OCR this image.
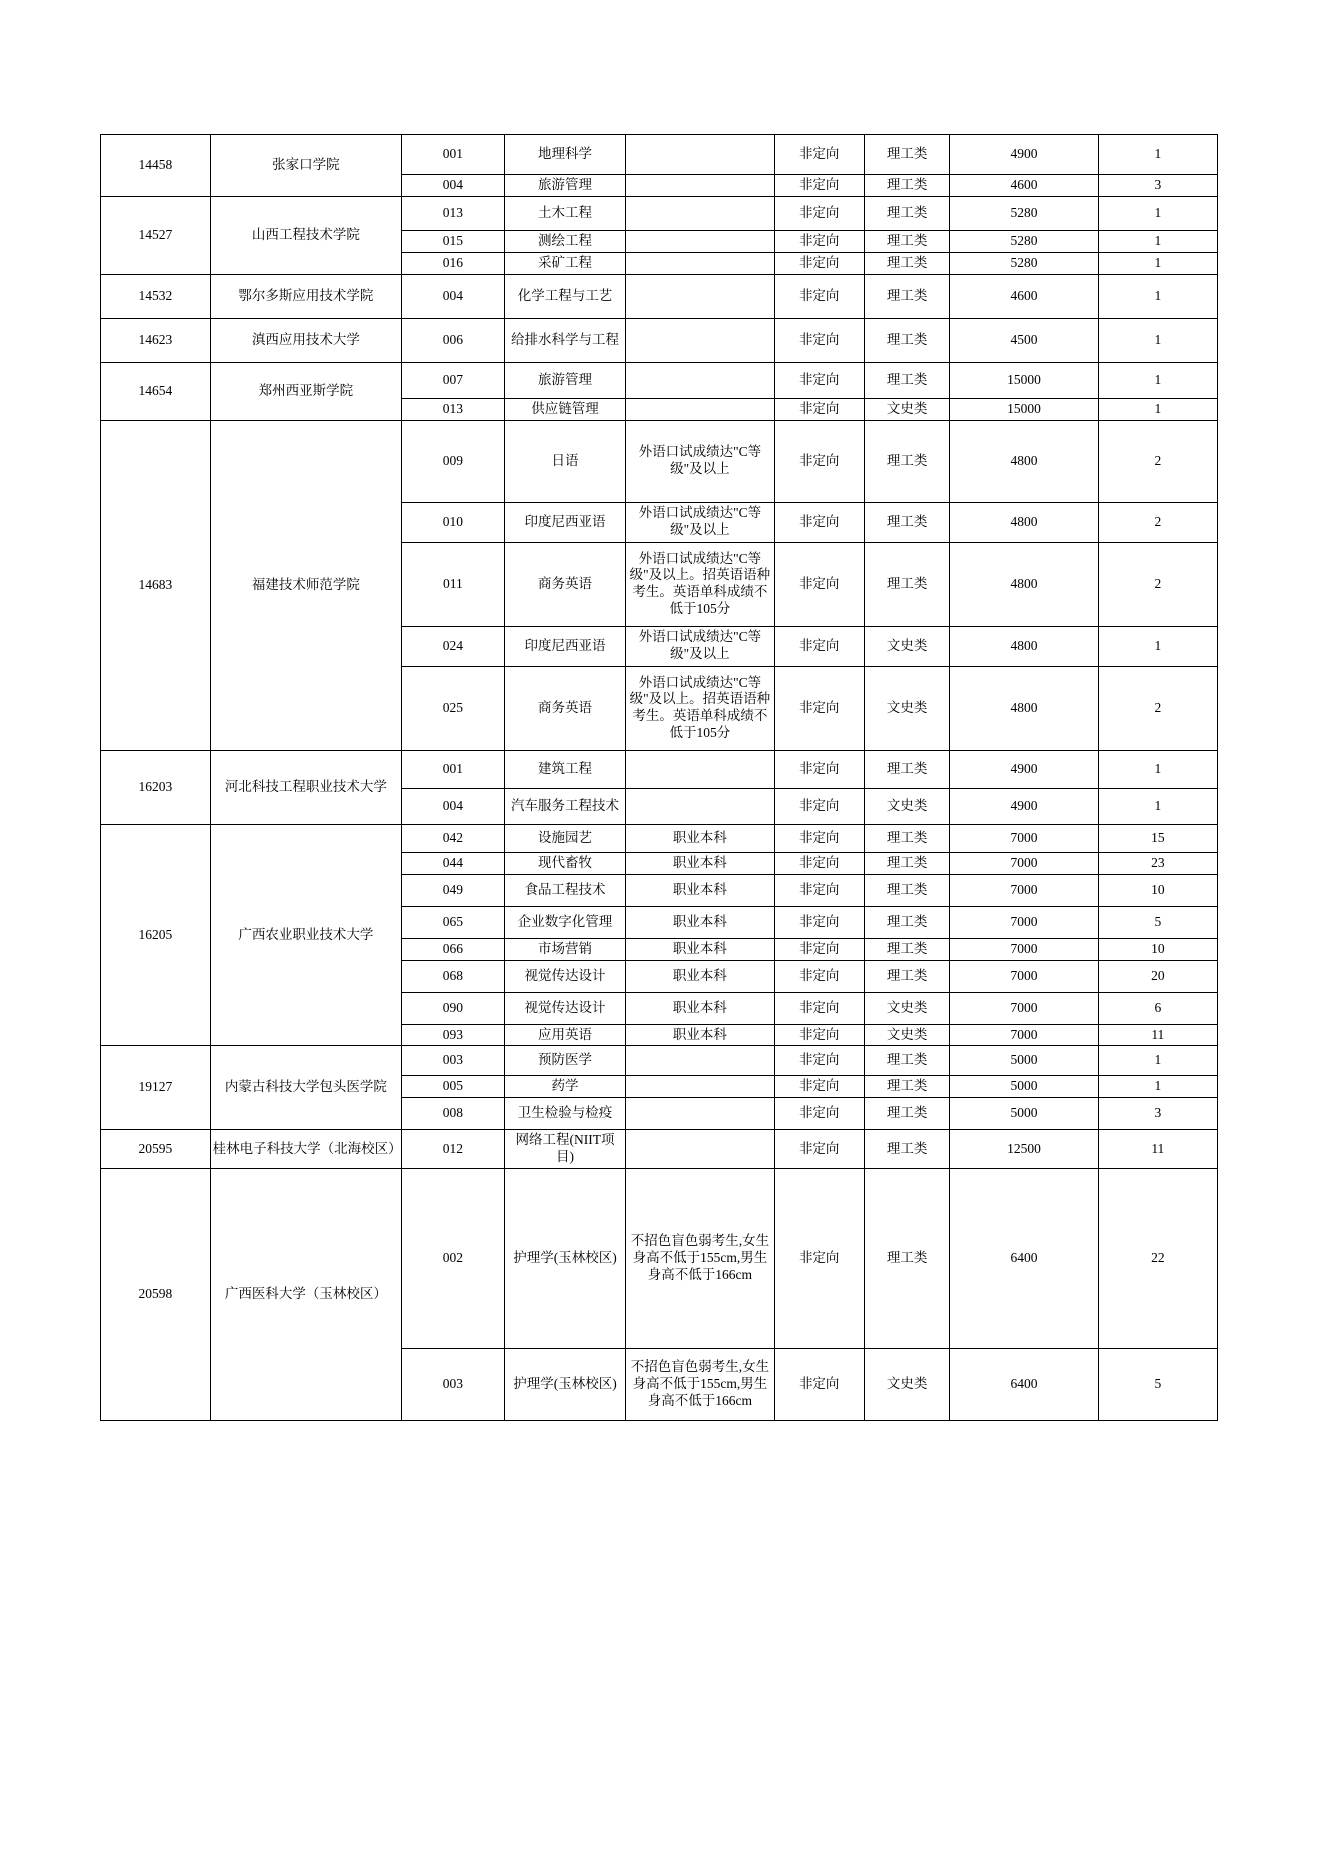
14458	张家口学院	001	地理科学		非定向	理工类	4900	1
		004	旅游管理		非定向	理工类	4600	3
14527	山西工程技术学院	013	土木工程		非定向	理工类	5280	1
		015	测绘工程		非定向	理工类	5280	1
		016	采矿工程		非定向	理工类	5280	1
14532	鄂尔多斯应用技术学院	004	化学工程与工艺		非定向	理工类	4600	1
14623	滇西应用技术大学	006	给排水科学与工程		非定向	理工类	4500	1
14654	郑州西亚斯学院	007	旅游管理		非定向	理工类	15000	1
		013	供应链管理		非定向	文史类	15000	1
14683	福建技术师范学院	009	日语	外语口试成绩达"C等级"及以上	非定向	理工类	4800	2
		010	印度尼西亚语	外语口试成绩达"C等级"及以上	非定向	理工类	4800	2
		011	商务英语	外语口试成绩达"C等级"及以上。招英语语种考生。英语单科成绩不低于105分	非定向	理工类	4800	2
		024	印度尼西亚语	外语口试成绩达"C等级"及以上	非定向	文史类	4800	1
		025	商务英语	外语口试成绩达"C等级"及以上。招英语语种考生。英语单科成绩不低于105分	非定向	文史类	4800	2
16203	河北科技工程职业技术大学	001	建筑工程		非定向	理工类	4900	1
		004	汽车服务工程技术		非定向	文史类	4900	1
16205	广西农业职业技术大学	042	设施园艺	职业本科	非定向	理工类	7000	15
		044	现代畜牧	职业本科	非定向	理工类	7000	23
		049	食品工程技术	职业本科	非定向	理工类	7000	10
		065	企业数字化管理	职业本科	非定向	理工类	7000	5
		066	市场营销	职业本科	非定向	理工类	7000	10
		068	视觉传达设计	职业本科	非定向	理工类	7000	20
		090	视觉传达设计	职业本科	非定向	文史类	7000	6
		093	应用英语	职业本科	非定向	文史类	7000	11
19127	内蒙古科技大学包头医学院	003	预防医学		非定向	理工类	5000	1
		005	药学		非定向	理工类	5000	1
		008	卫生检验与检疫		非定向	理工类	5000	3
20595	桂林电子科技大学（北海校区）	012	网络工程(NIIT项目)		非定向	理工类	12500	11
20598	广西医科大学（玉林校区）	002	护理学(玉林校区)	不招色盲色弱考生,女生身高不低于155cm,男生身高不低于166cm	非定向	理工类	6400	22
		003	护理学(玉林校区)	不招色盲色弱考生,女生身高不低于155cm,男生身高不低于166cm	非定向	文史类	6400	5
